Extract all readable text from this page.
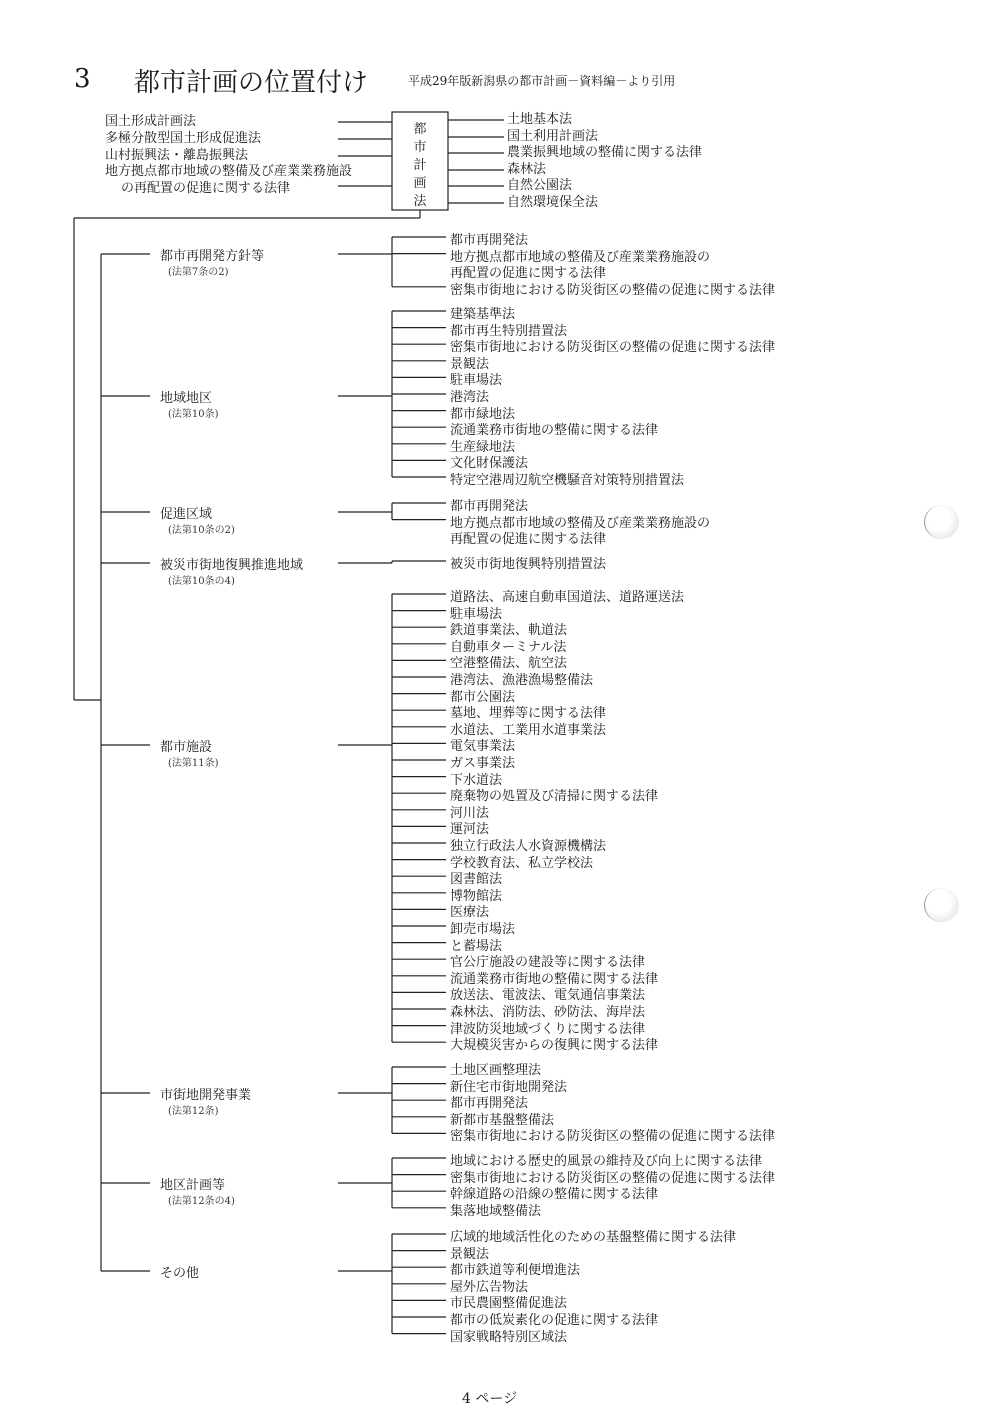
3 都市計画の位置付け	平成29年版新潟県の都市計画－資料編－より引用
国土形成計画法
多極分散型国土形成促進法
山村振興法・離島振興法
地方拠点都市地域の整備及び産業業務施設
の再配置の促進に関する法律
都
市
計
画
法
土地基本法
国土利用計画法
農業振興地域の整備に関する法律
森林法
自然公園法
自然環境保全法
都市再開発方針等
(法第7条の2)
都市再開発法
地方拠点都市地域の整備及び産業業務施設の
再配置の促進に関する法律
密集市街地における防災街区の整備の促進に関する法律
地域地区
(法第10条)
建築基準法
都市再生特別措置法
密集市街地における防災街区の整備の促進に関する法律
景観法
駐車場法
港湾法
都市緑地法
流通業務市街地の整備に関する法律
生産緑地法
文化財保護法
特定空港周辺航空機騒音対策特別措置法
促進区域
(法第10条の2)
都市再開発法
地方拠点都市地域の整備及び産業業務施設の
再配置の促進に関する法律
被災市街地復興推進地域
(法第10条の4)
被災市街地復興特別措置法
都市施設
(法第11条)
道路法、高速自動車国道法、道路運送法
駐車場法
鉄道事業法、軌道法
自動車ターミナル法
空港整備法、航空法
港湾法、漁港漁場整備法
都市公園法
墓地、埋葬等に関する法律
水道法、工業用水道事業法
電気事業法
ガス事業法
下水道法
廃棄物の処置及び清掃に関する法律
河川法
運河法
独立行政法人水資源機構法
学校教育法、私立学校法
図書館法
博物館法
医療法
卸売市場法
と蓄場法
官公庁施設の建設等に関する法律
流通業務市街地の整備に関する法律
放送法、電波法、電気通信事業法
森林法、消防法、砂防法、海岸法
津波防災地域づくりに関する法律
大規模災害からの復興に関する法律
市街地開発事業
(法第12条)
土地区画整理法
新住宅市街地開発法
都市再開発法
新都市基盤整備法
密集市街地における防災街区の整備の促進に関する法律
地区計画等
(法第12条の4)
地域における歴史的風景の維持及び向上に関する法律
密集市街地における防災街区の整備の促進に関する法律
幹線道路の沿線の整備に関する法律
集落地域整備法
その他
広域的地域活性化のための基盤整備に関する法律
景観法
都市鉄道等利便増進法
屋外広告物法
市民農園整備促進法
都市の低炭素化の促進に関する法律
国家戦略特別区域法
4 ページ
